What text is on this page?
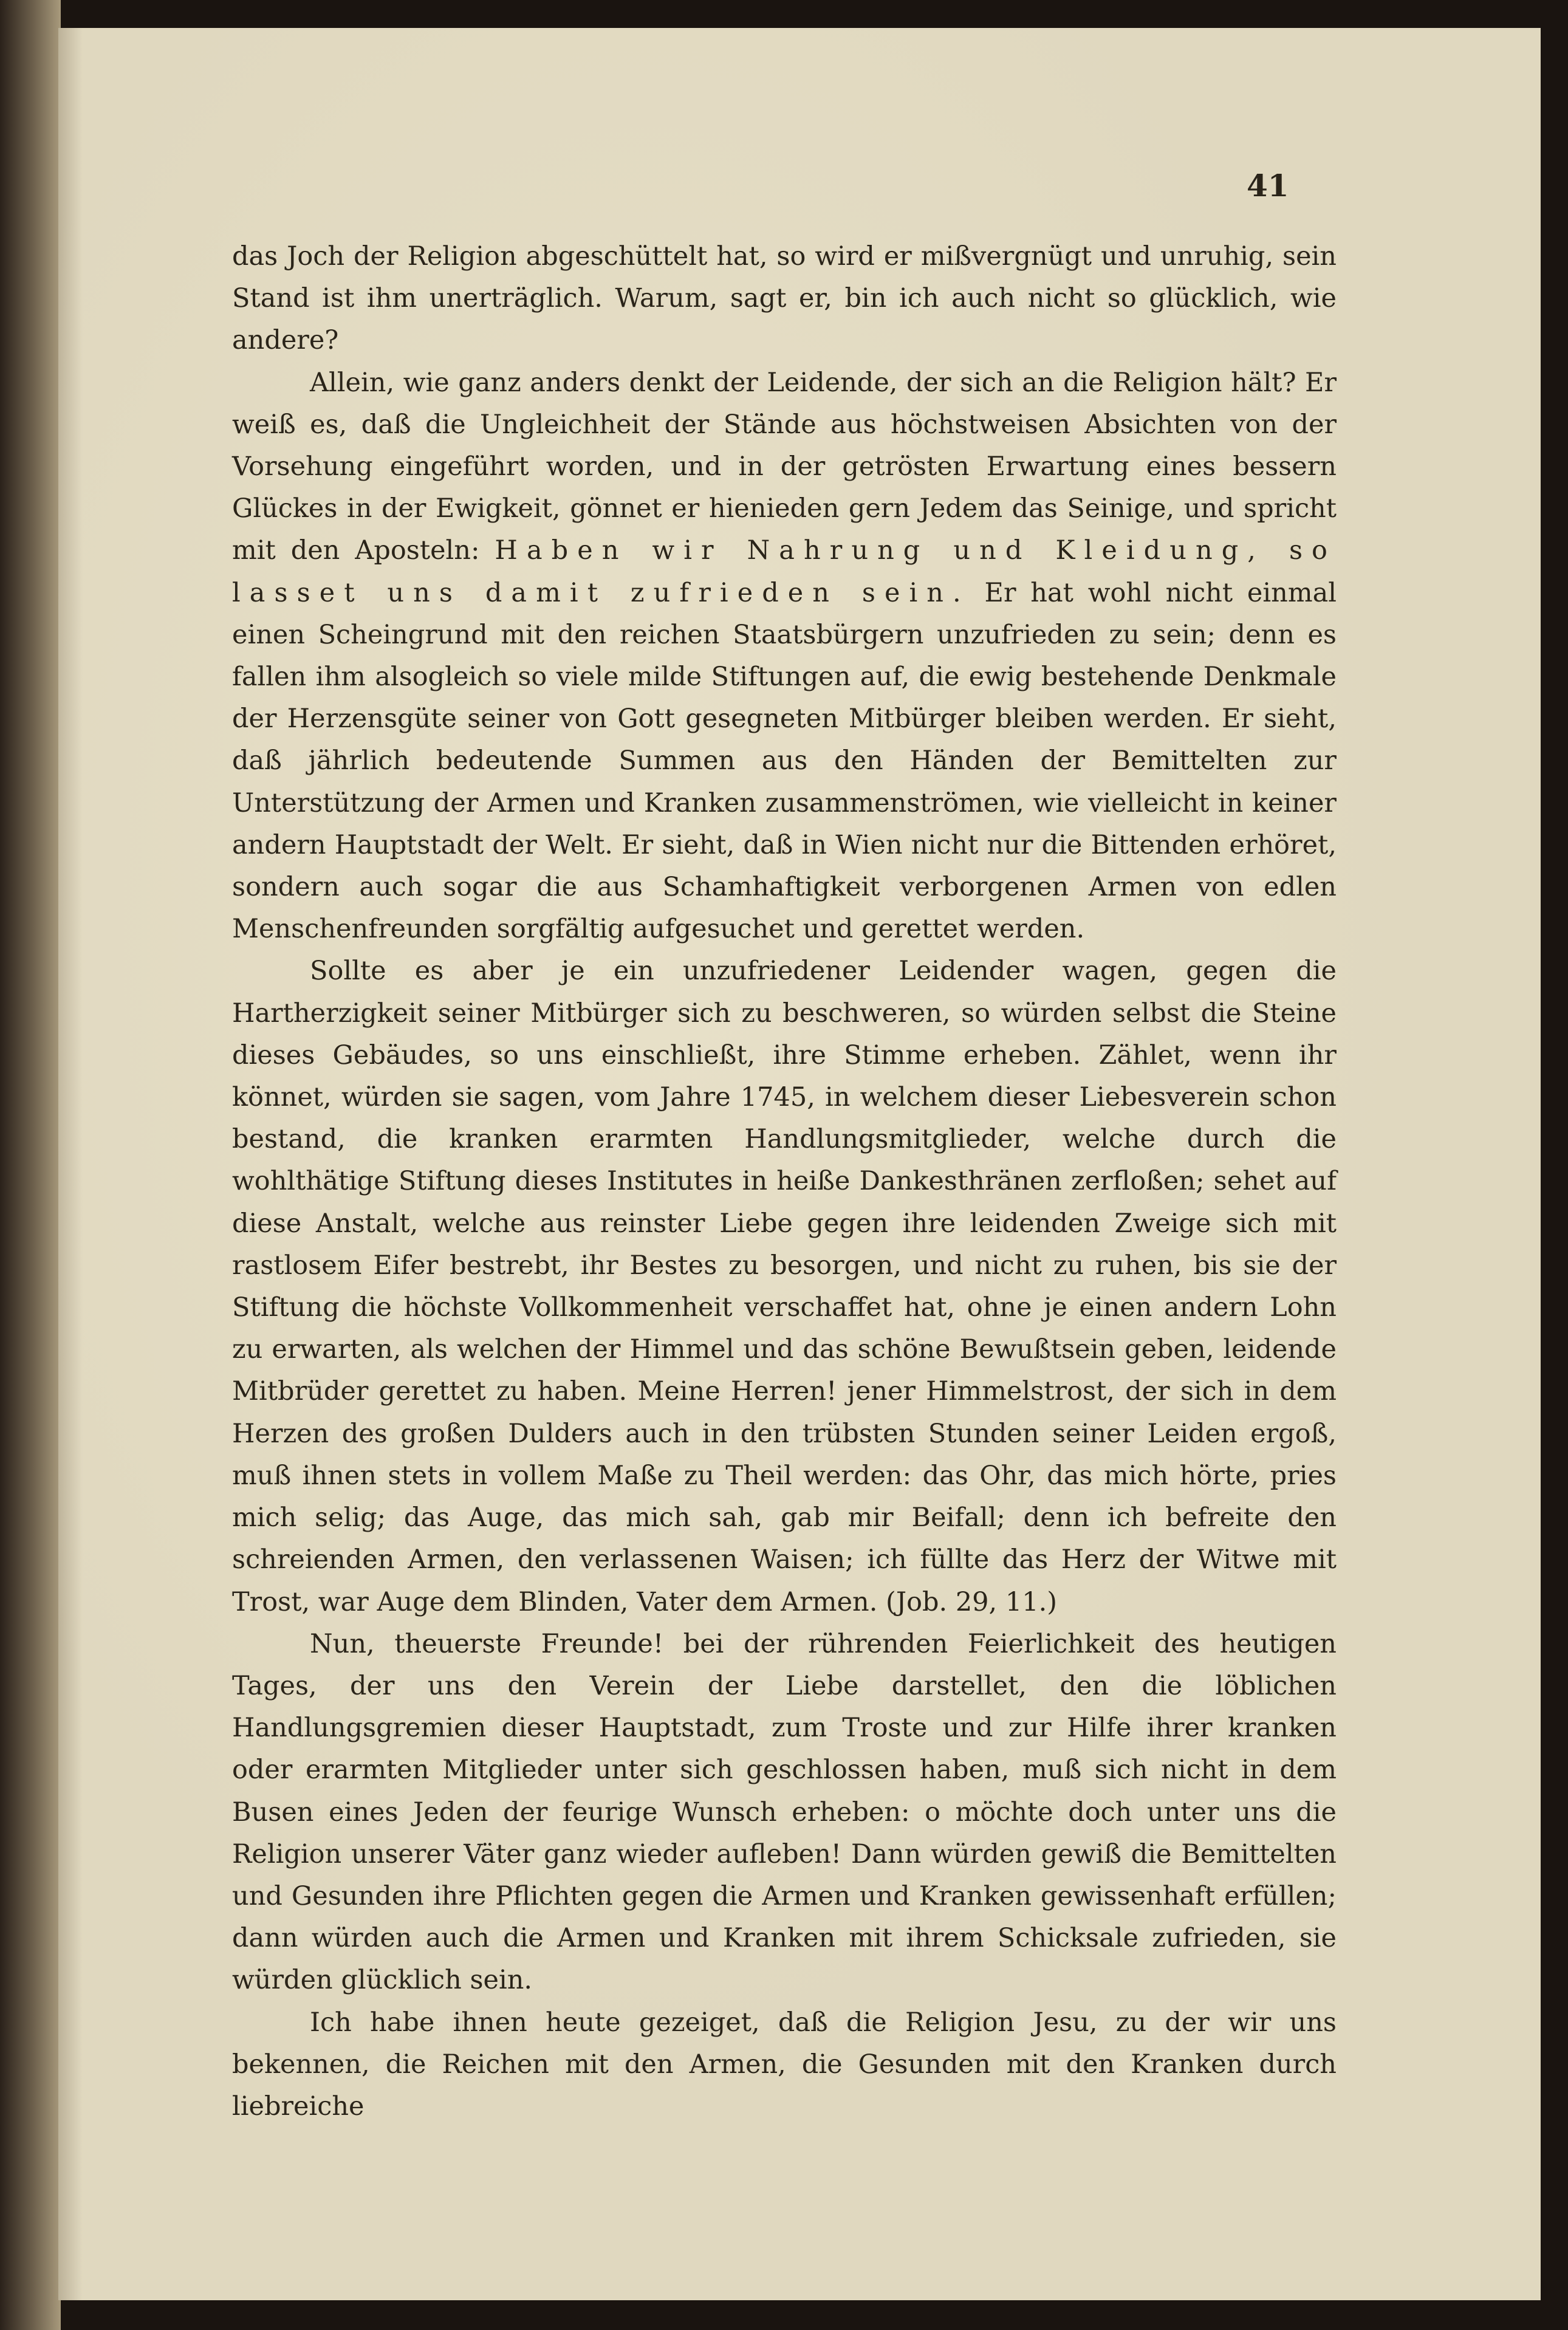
41

das Joch der Religion abgeschüttelt hat, so wird er mißvergnügt und unruhig, sein Stand ist ihm unerträglich. Warum, sagt er, bin ich auch nicht so glücklich, wie andere?

Allein, wie ganz anders denkt der Leidende, der sich an die Religion hält? Er weiß es, daß die Ungleichheit der Stände aus höchstweisen Absichten von der Vorsehung eingeführt worden, und in der getrösten Erwartung eines bessern Glückes in der Ewigkeit, gönnet er hienieden gern Jedem das Seinige, und spricht mit den Aposteln: Haben wir Nahrung und Kleidung, so lasset uns damit zufrieden sein. Er hat wohl nicht einmal einen Scheingrund mit den reichen Staatsbürgern unzufrieden zu sein; denn es fallen ihm alsogleich so viele milde Stiftungen auf, die ewig bestehende Denkmale der Herzensgüte seiner von Gott gesegneten Mitbürger bleiben werden. Er sieht, daß jährlich bedeutende Summen aus den Händen der Bemittelten zur Unterstützung der Armen und Kranken zusammenströmen, wie vielleicht in keiner andern Hauptstadt der Welt. Er sieht, daß in Wien nicht nur die Bittenden erhöret, sondern auch sogar die aus Schamhaftigkeit verborgenen Armen von edlen Menschenfreunden sorgfältig aufgesuchet und gerettet werden.

Sollte es aber je ein unzufriedener Leidender wagen, gegen die Hartherzigkeit seiner Mitbürger sich zu beschweren, so würden selbst die Steine dieses Gebäudes, so uns einschließt, ihre Stimme erheben. Zählet, wenn ihr könnet, würden sie sagen, vom Jahre 1745, in welchem dieser Liebesverein schon bestand, die kranken erarmten Handlungsmitglieder, welche durch die wohlthätige Stiftung dieses Institutes in heiße Dankesthränen zerfloßen; sehet auf diese Anstalt, welche aus reinster Liebe gegen ihre leidenden Zweige sich mit rastlosem Eifer bestrebt, ihr Bestes zu besorgen, und nicht zu ruhen, bis sie der Stiftung die höchste Vollkommenheit verschaffet hat, ohne je einen andern Lohn zu erwarten, als welchen der Himmel und das schöne Bewußtsein geben, leidende Mitbrüder gerettet zu haben. Meine Herren! jener Himmelstrost, der sich in dem Herzen des großen Dulders auch in den trübsten Stunden seiner Leiden ergoß, muß ihnen stets in vollem Maße zu Theil werden: das Ohr, das mich hörte, pries mich selig; das Auge, das mich sah, gab mir Beifall; denn ich befreite den schreienden Armen, den verlassenen Waisen; ich füllte das Herz der Witwe mit Trost, war Auge dem Blinden, Vater dem Armen. (Job. 29, 11.)

Nun, theuerste Freunde! bei der rührenden Feierlichkeit des heutigen Tages, der uns den Verein der Liebe darstellet, den die löblichen Handlungsgremien dieser Hauptstadt, zum Troste und zur Hilfe ihrer kranken oder erarmten Mitglieder unter sich geschlossen haben, muß sich nicht in dem Busen eines Jeden der feurige Wunsch erheben: o möchte doch unter uns die Religion unserer Väter ganz wieder aufleben! Dann würden gewiß die Bemittelten und Gesunden ihre Pflichten gegen die Armen und Kranken gewissenhaft erfüllen; dann würden auch die Armen und Kranken mit ihrem Schicksale zufrieden, sie würden glücklich sein.

Ich habe ihnen heute gezeiget, daß die Religion Jesu, zu der wir uns bekennen, die Reichen mit den Armen, die Gesunden mit den Kranken durch liebreiche
